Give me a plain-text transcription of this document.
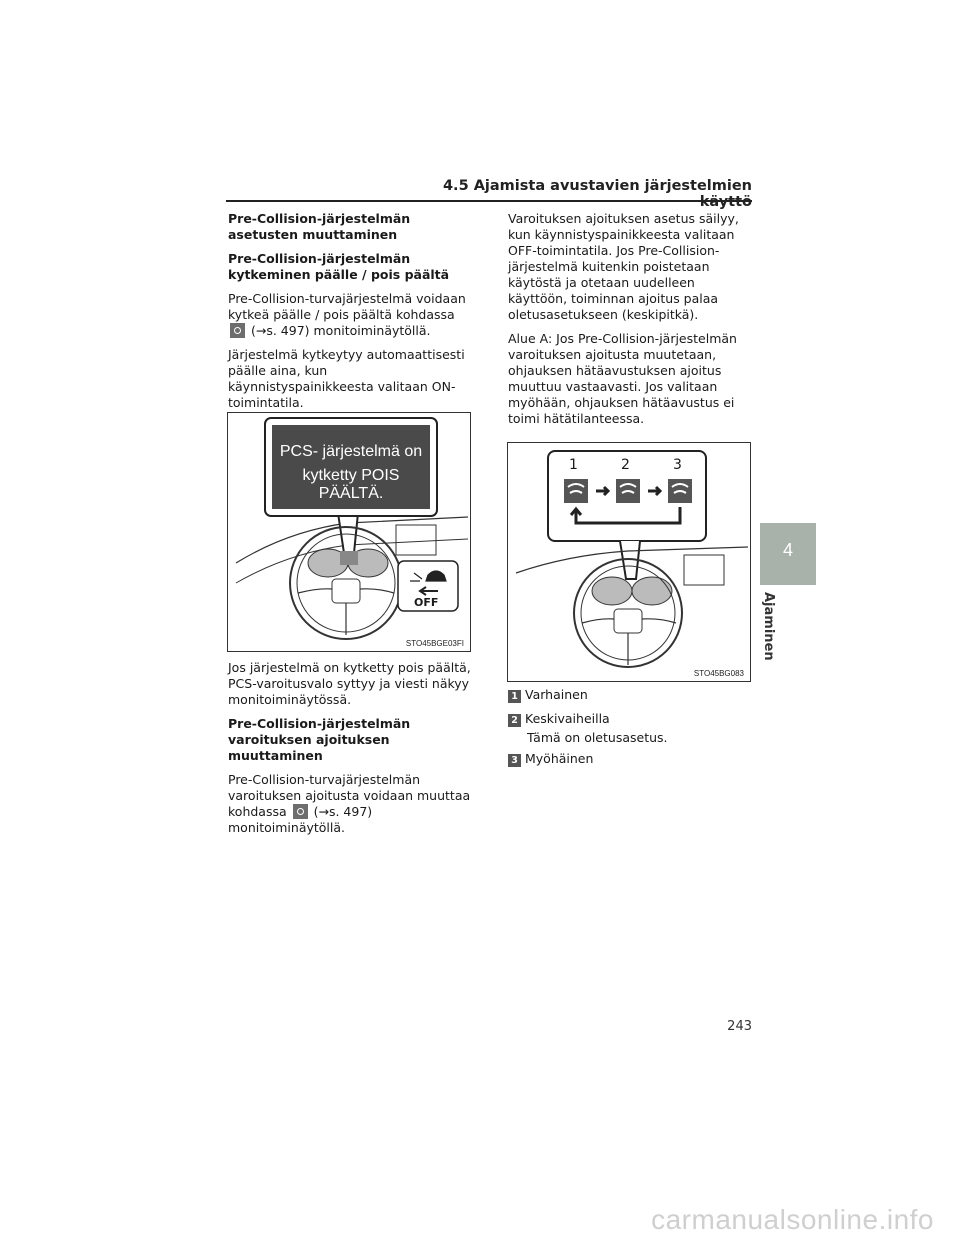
4.5 Ajamista avustavien järjestelmien käyttö

Pre-Collision-järjestelmän asetusten muuttaminen

Pre-Collision-järjestelmän kytkeminen päälle / pois päältä

Pre-Collision-turvajärjestelmä voidaan kytkeä päälle / pois päältä kohdassa  (→s. 497) monitoiminäytöllä.

Järjestelmä kytkeytyy automaattisesti päälle aina, kun käynnistyspainikkeesta valitaan ON-toimintatila.

PCS- järjestelmä on
kytketty POIS PÄÄLTÄ.
OFF
STO45BGE03FI

Jos järjestelmä on kytketty pois päältä, PCS-varoitusvalo syttyy ja viesti näkyy monitoiminäytössä.

Pre-Collision-järjestelmän varoituksen ajoituksen muuttaminen

Pre-Collision-turvajärjestelmän varoituksen ajoitusta voidaan muuttaa kohdassa (→s. 497) monitoiminäytöllä.

Varoituksen ajoituksen asetus säilyy, kun käynnistyspainikkeesta valitaan OFF-toimintatila. Jos Pre-Collision-järjestelmä kuitenkin poistetaan käytöstä ja otetaan uudelleen käyttöön, toiminnan ajoitus palaa oletusasetukseen (keskipitkä).

Alue A: Jos Pre-Collision-järjestelmän varoituksen ajoitusta muutetaan, ohjauksen hätäavustuksen ajoitus muuttuu vastaavasti. Jos valitaan myöhään, ohjauksen hätäavustus ei toimi hätätilanteessa.

1	2	3
STO45BG083
1 Varhainen
2 Keskivaiheilla
Tämä on oletusasetus.
3 Myöhäinen
4
Ajaminen
243
carmanualsonline.info
